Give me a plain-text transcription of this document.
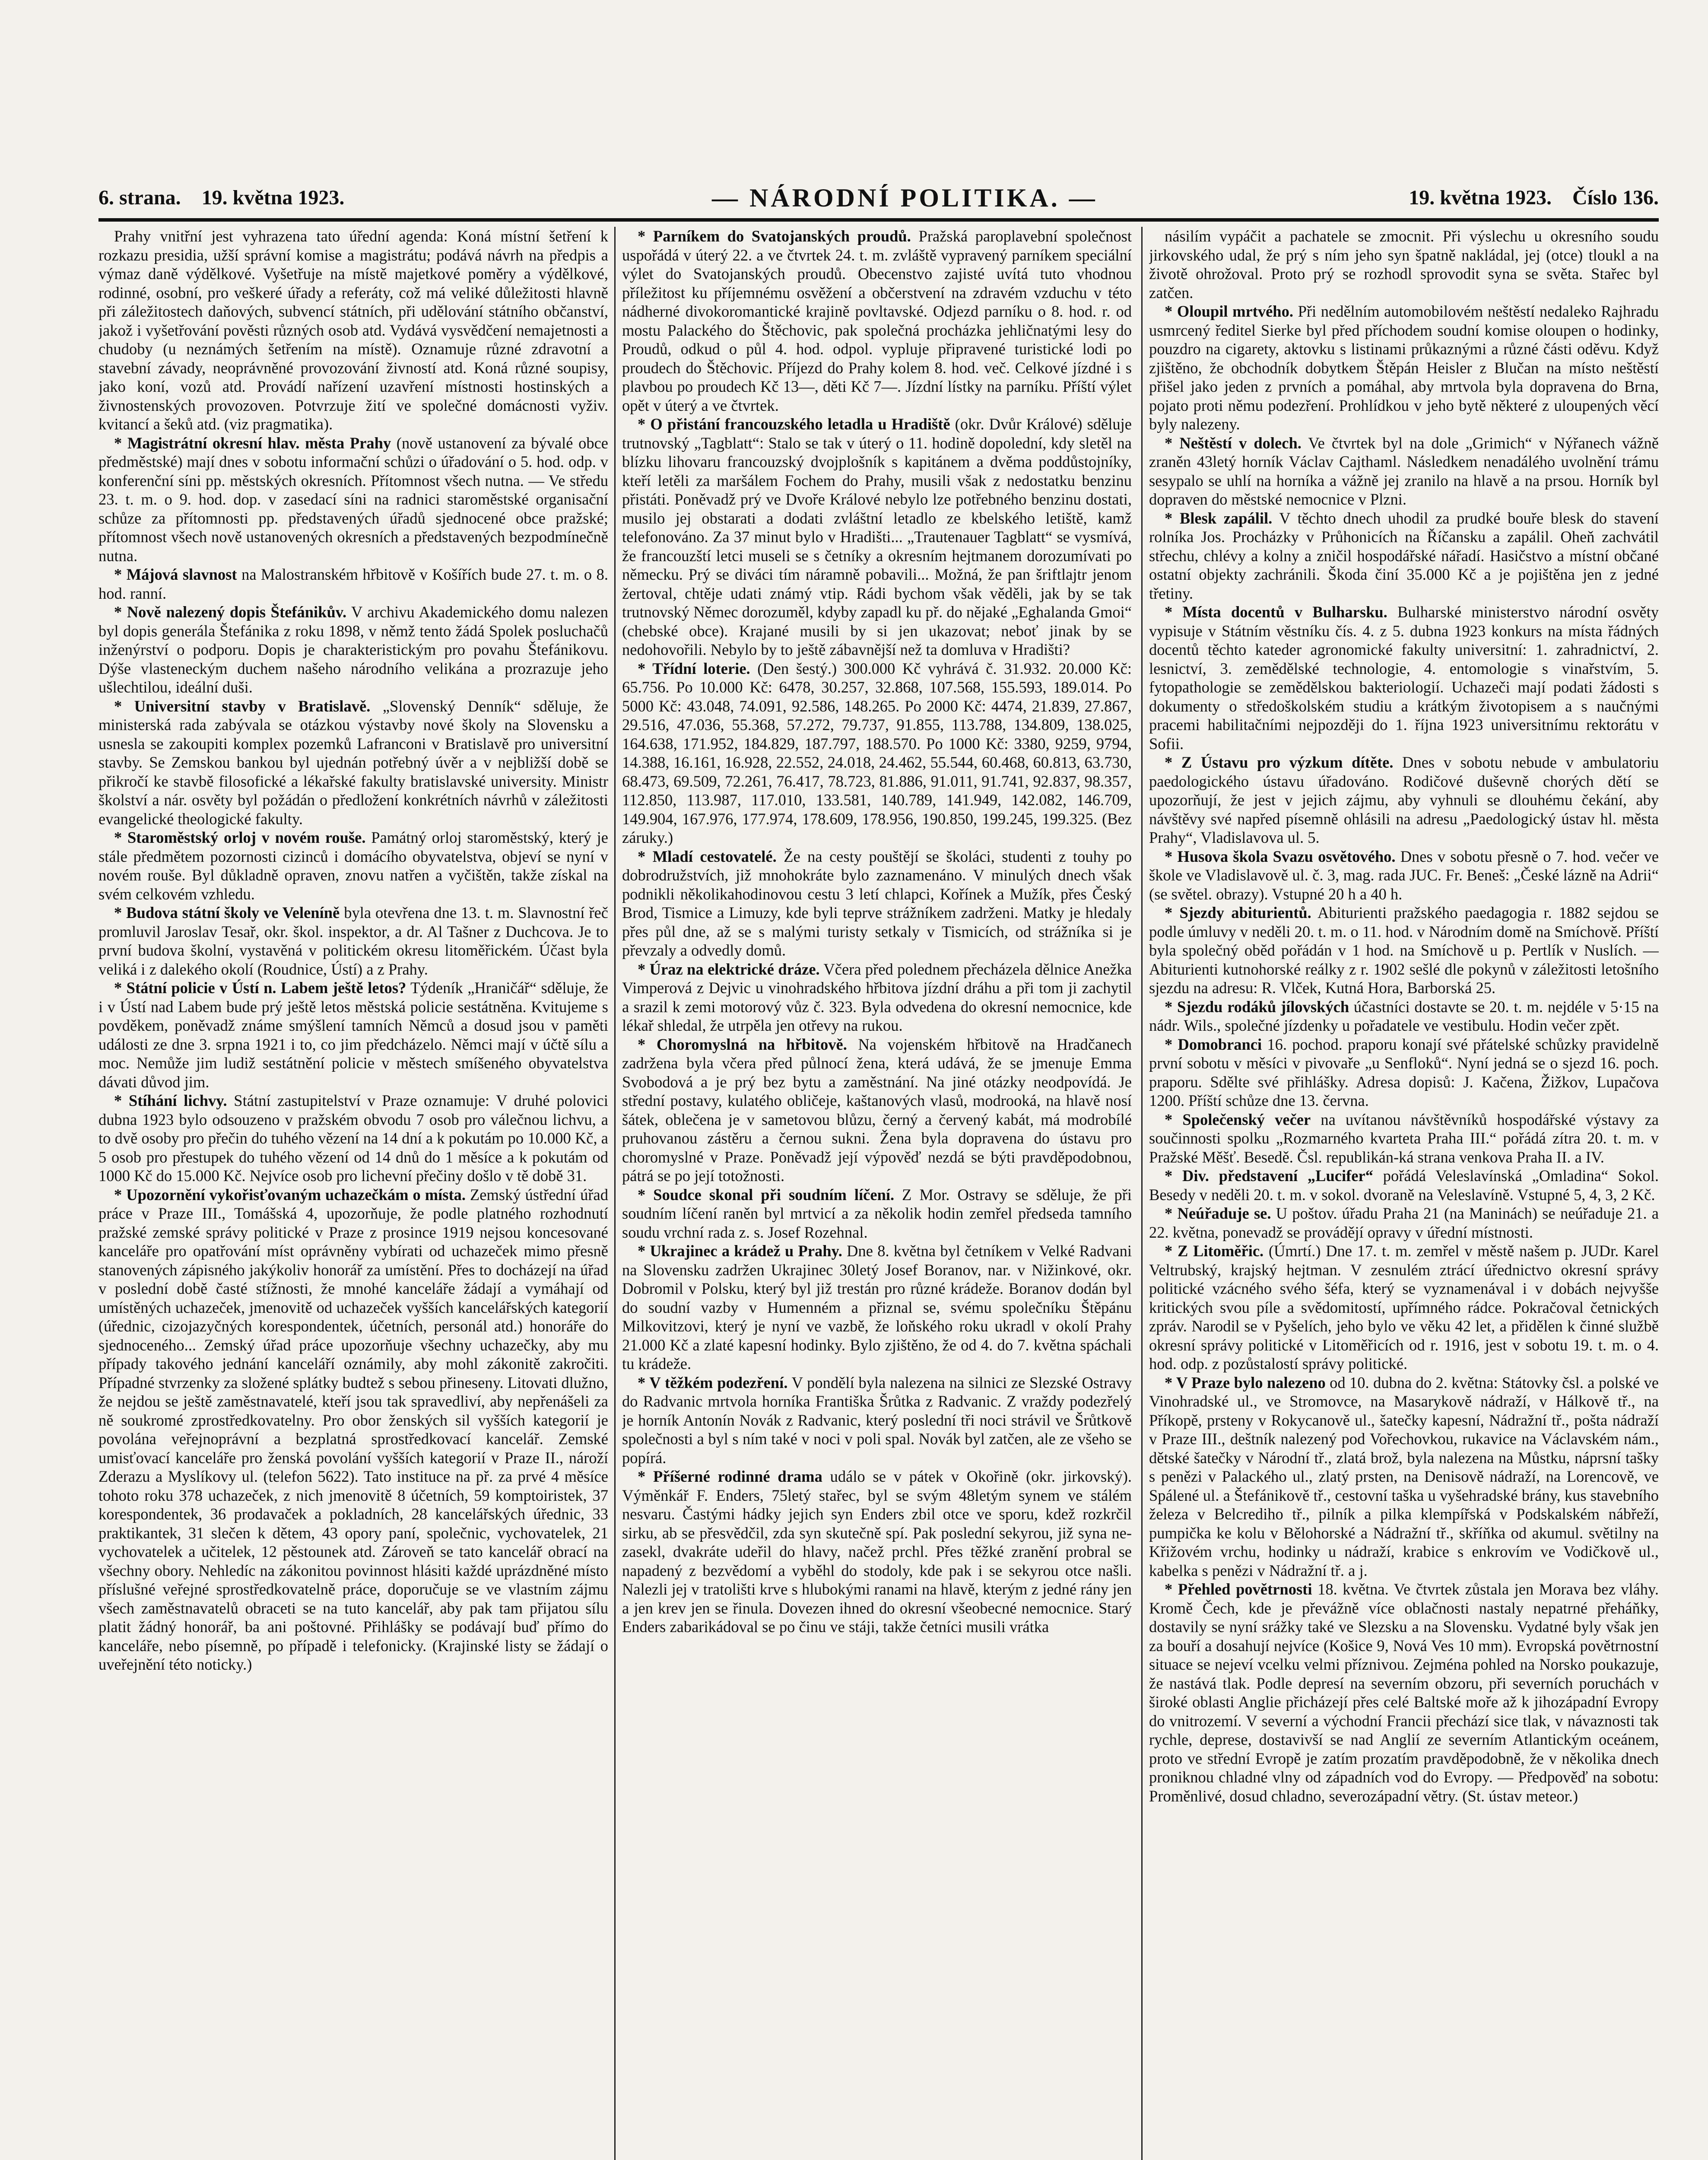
6. strana. 19. května 1923.	— NÁRODNÍ POLITIKA. —	19. května 1923. Číslo 136.

Prahy vnitřní jest vyhrazena tato úřední agenda: Koná místní šetření k rozkazu presidia, užší správní komise a magistrátu; podává návrh na předpis a výmaz daně výdělkové. Vyšetřuje na místě majetkové poměry a výdělkové, rodinné, osobní, pro veškeré úřady a referáty, což má veliké důležitosti hlavně při záležitostech daňových, subvencí státních, při udělování státního občanství, jakož i vyšetřování pověsti různých osob atd. Vydává vysvědčení nemajetnosti a chudoby (u neznámých šetřením na místě). Oznamuje různé zdravotní a stavební závady, neoprávněné provozování živností atd. Koná různé soupisy, jako koní, vozů atd. Provádí nařízení uzavření místnosti hostinských a živnostenských provozoven. Potvrzuje žití ve společné domácnosti vyživ. kvitancí a šeků atd. (viz pragmatika).

* Magistrátní okresní hlav. města Prahy (nově ustanovení za bývalé obce předměstské) mají dnes v sobotu informační schůzi o úřadování o 5. hod. odp. v konferenční síni pp. městských okresních. Přítomnost všech nutna. — Ve středu 23. t. m. o 9. hod. dop. v zasedací síni na radnici staroměstské organisační schůze za přítomnosti pp. představených úřadů sjednocené obce pražské; přítomnost všech nově ustanovených okresních a představených bezpodmínečně nutna.

* Májová slavnost na Malostranském hřbitově v Košířích bude 27. t. m. o 8. hod. ranní.

* Nově nalezený dopis Štefánikův. V archivu Akademického domu nalezen byl dopis generála Štefánika z roku 1898, v němž tento žádá Spolek posluchačů inženýrství o podporu. Dopis je charakteristickým pro povahu Štefánikovu. Dýše vlasteneckým duchem našeho národního velikána a prozrazuje jeho ušlechtilou, ideální duši.

* Universitní stavby v Bratislavě. „Slovenský Denník“ sděluje, že ministerská rada zabývala se otázkou výstavby nové školy na Slovensku a usnesla se zakoupiti komplex pozemků Lafranconi v Bratislavě pro universitní stavby. Se Zemskou bankou byl ujednán potřebný úvěr a v nejbližší době se přikročí ke stavbě filosofické a lékařské fakulty bratislavské university. Ministr školství a nár. osvěty byl požádán o předložení konkrétních návrhů v záležitosti evangelické theologické fakulty.

* Staroměstský orloj v novém rouše. Památný orloj staroměstský, který je stále předmětem pozornosti cizinců i domácího obyvatelstva, objeví se nyní v novém rouše. Byl důkladně opraven, znovu natřen a vyčištěn, takže získal na svém celkovém vzhledu.

* Budova státní školy ve Veleníně byla otevřena dne 13. t. m. Slavnostní řeč promluvil Jaroslav Tesař, okr. škol. inspektor, a dr. Al Tašner z Duchcova. Je to první budova školní, vystavěná v politickém okresu litoměřickém. Účast byla veliká i z dalekého okolí (Roudnice, Ústí) a z Prahy.

* Státní policie v Ústí n. Labem ještě letos? Týdeník „Hraničář“ sděluje, že i v Ústí nad Labem bude prý ještě letos městská policie sestátněna. Kvitujeme s povděkem, poněvadž známe smýšlení tamních Němců a dosud jsou v paměti události ze dne 3. srpna 1921 i to, co jim předcházelo. Němci mají v účtě sílu a moc. Nemůže jim ludiž sestátnění policie v městech smíšeného obyvatelstva dávati důvod jim.

* Stíhání lichvy. Státní zastupitelství v Praze oznamuje: V druhé polovici dubna 1923 bylo odsouzeno v pražském obvodu 7 osob pro válečnou lichvu, a to dvě osoby pro přečin do tuhého vězení na 14 dní a k pokutám po 10.000 Kč, a 5 osob pro přestupek do tuhého vězení od 14 dnů do 1 měsíce a k pokutám od 1000 Kč do 15.000 Kč. Nejvíce osob pro lichevní přečiny došlo v tě době 31.

* Upozornění vykořisťovaným uchazečkám o místa. Zemský ústřední úřad práce v Praze III., Tomášská 4, upozorňuje, že podle platného rozhodnutí pražské zemské správy politické v Praze z prosince 1919 nejsou koncesované kanceláře pro opatřování míst oprávněny vybírati od uchazeček mimo přesně stanovených zápisného jakýkoliv honorář za umístění. Přes to docházejí na úřad v poslední době časté stížnosti, že mnohé kanceláře žádají a vymáhají od umístěných uchazeček, jmenovitě od uchazeček vyšších kancelářských kategorií (úřednic, cizojazyčných korespondentek, účetních, personál atd.) honoráře do sjednoceného... Zemský úřad práce upozorňuje všechny uchazečky, aby mu případy takového jednání kanceláří oznámily, aby mohl zákonitě zakročiti. Případné stvrzenky za složené splátky budtež s sebou přineseny. Litovati dlužno, že nejdou se ještě zaměstnavatelé, kteří jsou tak spravedliví, aby nepřenášeli za ně soukromé zprostředkovatelny. Pro obor ženských sil vyšších kategorií je povolána veřejnoprávní a bezplatná sprostředkovací kancelář. Zemské umisťovací kanceláře pro ženská povolání vyšších kategorií v Praze II., nároží Zderazu a Myslíkovy ul. (telefon 5622). Tato instituce na př. za prvé 4 měsíce tohoto roku 378 uchazeček, z nich jmenovitě 8 účetních, 59 komptoiristek, 37 korespondentek, 36 prodavaček a pokladních, 28 kancelářských úřednic, 33 praktikantek, 31 slečen k dětem, 43 opory paní, společnic, vychovatelek, 21 vychovatelek a učitelek, 12 pěstounek atd. Zároveň se tato kancelář obrací na všechny obory. Nehledíc na zákonitou povinnost hlásiti každé uprázdněné místo příslušné veřejné sprostředkovatelně práce, doporučuje se ve vlastním zájmu všech zaměstnavatelů obraceti se na tuto kancelář, aby pak tam přijatou sílu platit žádný honorář, ba ani poštovné. Přihlášky se podávají buď přímo do kanceláře, nebo písemně, po případě i telefonicky. (Krajinské listy se žádají o uveřejnění této noticky.)

* Parníkem do Svatojanských proudů. Pražská paroplavební společnost uspořádá v úterý 22. a ve čtvrtek 24. t. m. zvláště vypravený parníkem speciální výlet do Svatojanských proudů. Obecenstvo zajisté uvítá tuto vhodnou příležitost ku příjemnému osvěžení a občerstvení na zdravém vzduchu v této nádherné divokoromantické krajině povltavské. Odjezd parníku o 8. hod. r. od mostu Palackého do Štěchovic, pak společná procházka jehličnatými lesy do Proudů, odkud o půl 4. hod. odpol. vypluje připravené turistické lodi po proudech do Štěchovic. Příjezd do Prahy kolem 8. hod. več. Celkové jízdné i s plavbou po proudech Kč 13—, děti Kč 7—. Jízdní lístky na parníku. Příští výlet opět v úterý a ve čtvrtek.

* O přistání francouzského letadla u Hradiště (okr. Dvůr Králové) sděluje trutnovský „Tagblatt“: Stalo se tak v úterý o 11. hodině dopolední, kdy sletěl na blízku lihovaru francouzský dvojplošník s kapitánem a dvěma poddůstojníky, kteří letěli za maršálem Fochem do Prahy, musili však z nedostatku benzinu přistáti. Poněvadž prý ve Dvoře Králové nebylo lze potřebného benzinu dostati, musilo jej obstarati a dodati zvláštní letadlo ze kbelského letiště, kamž telefonováno. Za 37 minut bylo v Hradišti... „Trautenauer Tagblatt“ se vysmívá, že francouzští letci museli se s četníky a okresním hejtmanem dorozumívati po německu. Prý se diváci tím náramně pobavili... Možná, že pan šriftlajtr jenom žertoval, chtěje udati známý vtip. Rádi bychom však věděli, jak by se tak trutnovský Němec dorozuměl, kdyby zapadl ku př. do nějaké „Eghalanda Gmoi“ (chebské obce). Krajané musili by si jen ukazovat; neboť jinak by se nedohovořili. Nebylo by to ještě zábavnější než ta domluva v Hradišti?

* Třídní loterie. (Den šestý.) 300.000 Kč vyhrává č. 31.932. 20.000 Kč: 65.756. Po 10.000 Kč: 6478, 30.257, 32.868, 107.568, 155.593, 189.014. Po 5000 Kč: 43.048, 74.091, 92.586, 148.265. Po 2000 Kč: 4474, 21.839, 27.867, 29.516, 47.036, 55.368, 57.272, 79.737, 91.855, 113.788, 134.809, 138.025, 164.638, 171.952, 184.829, 187.797, 188.570. Po 1000 Kč: 3380, 9259, 9794, 14.388, 16.161, 16.928, 22.552, 24.018, 24.462, 55.544, 60.468, 60.813, 63.730, 68.473, 69.509, 72.261, 76.417, 78.723, 81.886, 91.011, 91.741, 92.837, 98.357, 112.850, 113.987, 117.010, 133.581, 140.789, 141.949, 142.082, 146.709, 149.904, 167.976, 177.974, 178.609, 178.956, 190.850, 199.245, 199.325. (Bez záruky.)

* Mladí cestovatelé. Že na cesty pouštějí se školáci, studenti z touhy po dobrodružstvích, již mnohokráte bylo zaznamenáno. V minulých dnech však podnikli několikahodinovou cestu 3 letí chlapci, Kořínek a Mužík, přes Český Brod, Tismice a Limuzy, kde byli teprve strážníkem zadrženi. Matky je hledaly přes půl dne, až se s malými turisty setkaly v Tismicích, od strážníka si je převzaly a odvedly domů.

* Úraz na elektrické dráze. Včera před polednem přecházela dělnice Anežka Vimperová z Dejvic u vinohradského hřbitova jízdní dráhu a při tom ji zachytil a srazil k zemi motorový vůz č. 323. Byla odvedena do okresní nemocnice, kde lékař shledal, že utrpěla jen otřevy na rukou.

* Choromyslná na hřbitově. Na vojenském hřbitově na Hradčanech zadržena byla včera před půlnocí žena, která udává, že se jmenuje Emma Svobodová a je prý bez bytu a zaměstnání. Na jiné otázky neodpovídá. Je střední postavy, kulatého obličeje, kaštanových vlasů, modrooká, na hlavě nosí šátek, oblečena je v sametovou blůzu, černý a červený kabát, má modrobílé pruhovanou zástěru a černou sukni. Žena byla dopravena do ústavu pro choromyslné v Praze. Poněvadž její výpověď nezdá se býti pravděpodobnou, pátrá se po její totožnosti.

* Soudce skonal při soudním líčení. Z Mor. Ostravy se sděluje, že při soudním líčení raněn byl mrtvicí a za několik hodin zemřel předseda tamního soudu vrchní rada z. s. Josef Rozehnal.

* Ukrajinec a krádež u Prahy. Dne 8. května byl četníkem v Velké Radvani na Slovensku zadržen Ukrajinec 30letý Josef Boranov, nar. v Nižinkové, okr. Dobromil v Polsku, který byl již trestán pro různé krádeže. Boranov dodán byl do soudní vazby v Humenném a přiznal se, svému společníku Štěpánu Milkovitzovi, který je nyní ve vazbě, že loňského roku ukradl v okolí Prahy 21.000 Kč a zlaté kapesní hodinky. Bylo zjištěno, že od 4. do 7. května spáchali tu krádeže.

* V těžkém podezření. V pondělí byla nalezena na silnici ze Slezské Ostravy do Radvanic mrtvola horníka Františka Šrůtka z Radvanic. Z vraždy podezřelý je horník Antonín Novák z Radvanic, který poslední tři noci strávil ve Šrůtkově společnosti a byl s ním také v noci v poli spal. Novák byl zatčen, ale ze všeho se popírá.

* Příšerné rodinné drama událo se v pátek v Okořině (okr. jirkovský). Výměnkář F. Enders, 75letý stařec, byl se svým 48letým synem ve stálém nesvaru. Častými hádky jejich syn Enders zbil otce ve sporu, kdež rozkrčil sirku, ab se přesvědčil, zda syn skutečně spí. Pak poslední sekyrou, již syna ne-zasekl, dvakráte udeřil do hlavy, načež prchl. Přes těžké zranění probral se napadený z bezvědomí a vyběhl do stodoly, kde pak i se sekyrou otce našli. Nalezli jej v tratolišti krve s hlubokými ranami na hlavě, kterým z jedné rány jen a jen krev jen se řinula. Dovezen ihned do okresní všeobecné nemocnice. Starý Enders zabarikádoval se po činu ve stáji, takže četníci musili vrátka

násilím vypáčit a pachatele se zmocnit. Při výslechu u okresního soudu jirkovského udal, že prý s ním jeho syn špatně nakládal, jej (otce) tloukl a na životě ohrožoval. Proto prý se rozhodl sprovodit syna se světa. Stařec byl zatčen.

* Oloupil mrtvého. Při nedělním automobilovém neštěstí nedaleko Rajhradu usmrcený ředitel Sierke byl před příchodem soudní komise oloupen o hodinky, pouzdro na cigarety, aktovku s listinami průkaznými a různé části oděvu. Když zjištěno, že obchodník dobytkem Štěpán Heisler z Blučan na místo neštěstí přišel jako jeden z prvních a pomáhal, aby mrtvola byla dopravena do Brna, pojato proti němu podezření. Prohlídkou v jeho bytě některé z uloupených věcí byly nalezeny.

* Neštěstí v dolech. Ve čtvrtek byl na dole „Grimich“ v Nýřanech vážně zraněn 43letý horník Václav Cajthaml. Následkem nenadálého uvolnění trámu sesypalo se uhlí na horníka a vážně jej zranilo na hlavě a na prsou. Horník byl dopraven do městské nemocnice v Plzni.

* Blesk zapálil. V těchto dnech uhodil za prudké bouře blesk do stavení rolníka Jos. Procházky v Průhonicích na Říčansku a zapálil. Oheň zachvátil střechu, chlévy a kolny a zničil hospodářské nářadí. Hasičstvo a místní občané ostatní objekty zachránili. Škoda činí 35.000 Kč a je pojištěna jen z jedné třetiny.

* Místa docentů v Bulharsku. Bulharské ministerstvo národní osvěty vypisuje v Státním věstníku čís. 4. z 5. dubna 1923 konkurs na místa řádných docentů těchto kateder agronomické fakulty universitní: 1. zahradnictví, 2. lesnictví, 3. zemědělské technologie, 4. entomologie s vinařstvím, 5. fytopathologie se zemědělskou bakteriologií. Uchazeči mají podati žádosti s dokumenty o středoškolském studiu a krátkým životopisem a s naučnými pracemi habilitačními nejpozději do 1. října 1923 universitnímu rektorátu v Sofii.

* Z Ústavu pro výzkum dítěte. Dnes v sobotu nebude v ambulatoriu paedologického ústavu úřadováno. Rodičové duševně chorých dětí se upozorňují, že jest v jejich zájmu, aby vyhnuli se dlouhému čekání, aby návštěvy své napřed písemně ohlásili na adresu „Paedologický ústav hl. města Prahy“, Vladislavova ul. 5.

* Husova škola Svazu osvětového. Dnes v sobotu přesně o 7. hod. večer ve škole ve Vladislavově ul. č. 3, mag. rada JUC. Fr. Beneš: „České lázně na Adrii“ (se světel. obrazy). Vstupné 20 h a 40 h.

* Sjezdy abiturientů. Abiturienti pražského paedagogia r. 1882 sejdou se podle úmluvy v neděli 20. t. m. o 11. hod. v Národním domě na Smíchově. Příští byla společný oběd pořádán v 1 hod. na Smíchově u p. Pertlík v Nuslích. — Abiturienti kutnohorské reálky z r. 1902 sešlé dle pokynů v záležitosti letošního sjezdu na adresu: R. Vlček, Kutná Hora, Barborská 25.

* Sjezdu rodáků jílovských účastníci dostavte se 20. t. m. nejdéle v 5·15 na nádr. Wils., společné jízdenky u pořadatele ve vestibulu. Hodin večer zpět.

* Domobranci 16. pochod. praporu konají své přátelské schůzky pravidelně první sobotu v měsíci v pivovaře „u Senfloků“. Nyní jedná se o sjezd 16. poch. praporu. Sdělte své přihlášky. Adresa dopisů: J. Kačena, Žižkov, Lupačova 1200. Příští schůze dne 13. června.

* Společenský večer na uvítanou návštěvníků hospodářské výstavy za součinnosti spolku „Rozmarného kvarteta Praha III.“ pořádá zítra 20. t. m. v Pražské Měšť. Besedě. Čsl. republikán-ká strana venkova Praha II. a IV.

* Div. představení „Lucifer“ pořádá Veleslavínská „Omladina“ Sokol. Besedy v neděli 20. t. m. v sokol. dvoraně na Veleslavíně. Vstupné 5, 4, 3, 2 Kč.

* Neúřaduje se. U poštov. úřadu Praha 21 (na Maninách) se neúřaduje 21. a 22. května, ponevadž se provádějí opravy v úřední místnosti.

* Z Litoměřic. (Úmrtí.) Dne 17. t. m. zemřel v městě našem p. JUDr. Karel Veltrubský, krajský hejtman. V zesnulém ztrácí úřednictvo okresní správy politické vzácného svého šéfa, který se vyznamenával i v dobách nejvyšše kritických svou píle a svědomitostí, upřímného rádce. Pokračoval četnických zpráv. Narodil se v Pyšelích, jeho bylo ve věku 42 let, a přidělen k činné službě okresní správy politické v Litoměřicích od r. 1916, jest v sobotu 19. t. m. o 4. hod. odp. z pozůstalostí správy politické.

* V Praze bylo nalezeno od 10. dubna do 2. května: Státovky čsl. a polské ve Vinohradské ul., ve Stromovce, na Masarykově nádraží, v Hálkově tř., na Příkopě, prsteny v Rokycanově ul., šatečky kapesní, Nádražní tř., pošta nádraží v Praze III., deštník nalezený pod Vořechovkou, rukavice na Václavském nám., dětské šatečky v Národní tř., zlatá brož, byla nalezena na Můstku, náprsní tašky s penězi v Palackého ul., zlatý prsten, na Denisově nádraží, na Lorencově, ve Spálené ul. a Štefánikově tř., cestovní taška u vyšehradské brány, kus stavebního železa v Belcrediho tř., pilník a pilka klempířská v Podskalském nábřeží, pumpička ke kolu v Bělohorské a Nádražní tř., skříňka od akumul. světilny na Křižovém vrchu, hodinky u nádraží, krabice s enkrovím ve Vodičkově ul., kabelka s penězi v Nádražní tř. a j.

* Přehled povětrnosti 18. května. Ve čtvrtek zůstala jen Morava bez vláhy. Kromě Čech, kde je převážně více oblačnosti nastaly nepatrné přeháňky, dostavily se nyní srážky také ve Slezsku a na Slovensku. Vydatné byly však jen za bouří a dosahují nejvíce (Košice 9, Nová Ves 10 mm). Evropská povětrnostní situace se nejeví vcelku velmi příznivou. Zejména pohled na Norsko poukazuje, že nastává tlak. Podle depresí na severním obzoru, při severních poruchách v široké oblasti Anglie přicházejí přes celé Baltské moře až k jihozápadní Evropy do vnitrozemí. V severní a východní Francii přechází sice tlak, v návaznosti tak rychle, deprese, dostavivší se nad Anglií ze severním Atlantickým oceánem, proto ve střední Evropě je zatím prozatím pravděpodobně, že v několika dnech proniknou chladné vlny od západních vod do Evropy. — Předpověď na sobotu: Proměnlivé, dosud chladno, severozápadní větry. (St. ústav meteor.)
